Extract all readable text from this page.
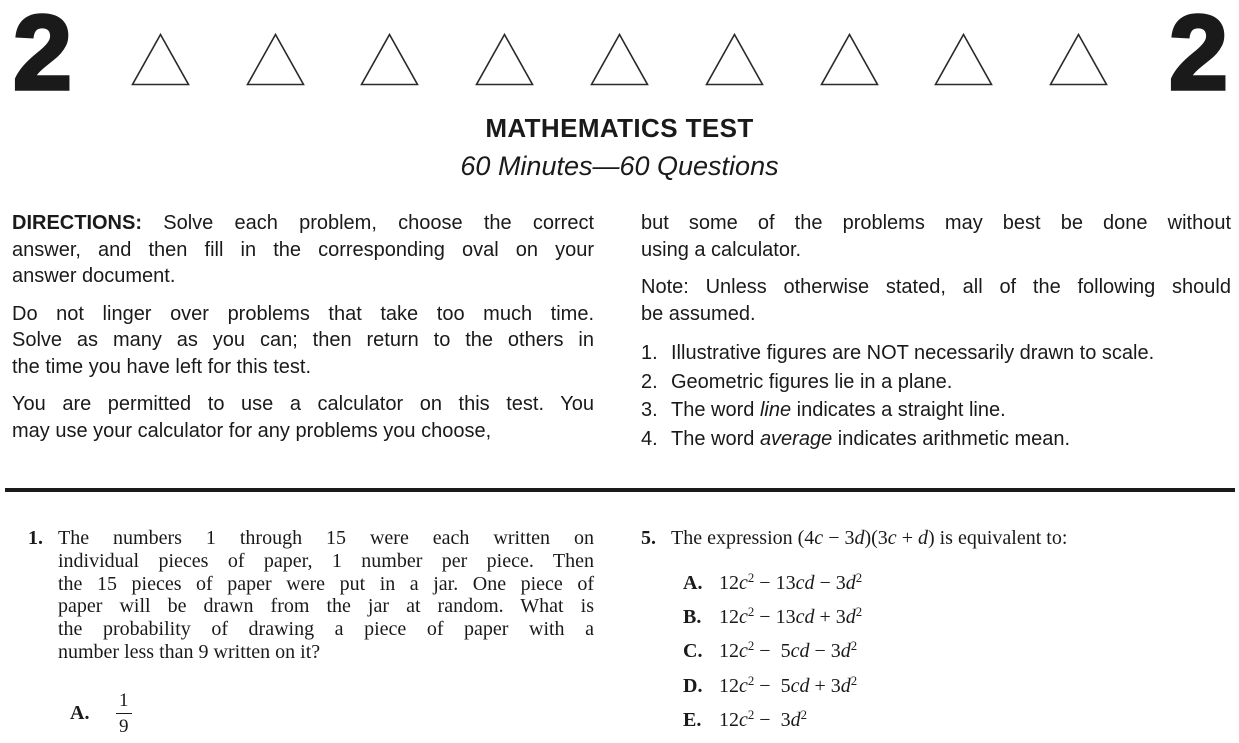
2	2
MATHEMATICS TEST
60 Minutes—60 Questions

DIRECTIONS: Solve each problem, choose the correct
answer, and then fill in the corresponding oval on your
answer document.

Do not linger over problems that take too much time.
Solve as many as you can; then return to the others in
the time you have left for this test.

You are permitted to use a calculator on this test. You
may use your calculator for any problems you choose,

but some of the problems may best be done without
using a calculator.

Note: Unless otherwise stated, all of the following should
be assumed.

1. Illustrative figures are NOT necessarily drawn to scale.
2. Geometric figures lie in a plane.
3. The word line indicates a straight line.
4. The word average indicates arithmetic mean.
1. The numbers 1 through 15 were each written on
individual pieces of paper, 1 number per piece. Then
the 15 pieces of paper were put in a jar. One piece of
paper will be drawn from the jar at random. What is
the probability of drawing a piece of paper with a
number less than 9 written on it?
A.	$\frac{1}{9}$
5. The expression (4c − 3d)(3c + d) is equivalent to:

A. $12c^2 - 13cd - 3d^2$
B. $12c^2 - 13cd + 3d^2$
C. $12c^2 - 5cd - 3d^2$
D. $12c^2 - 5cd + 3d^2$
E. $12c^2 - 3d^2$
